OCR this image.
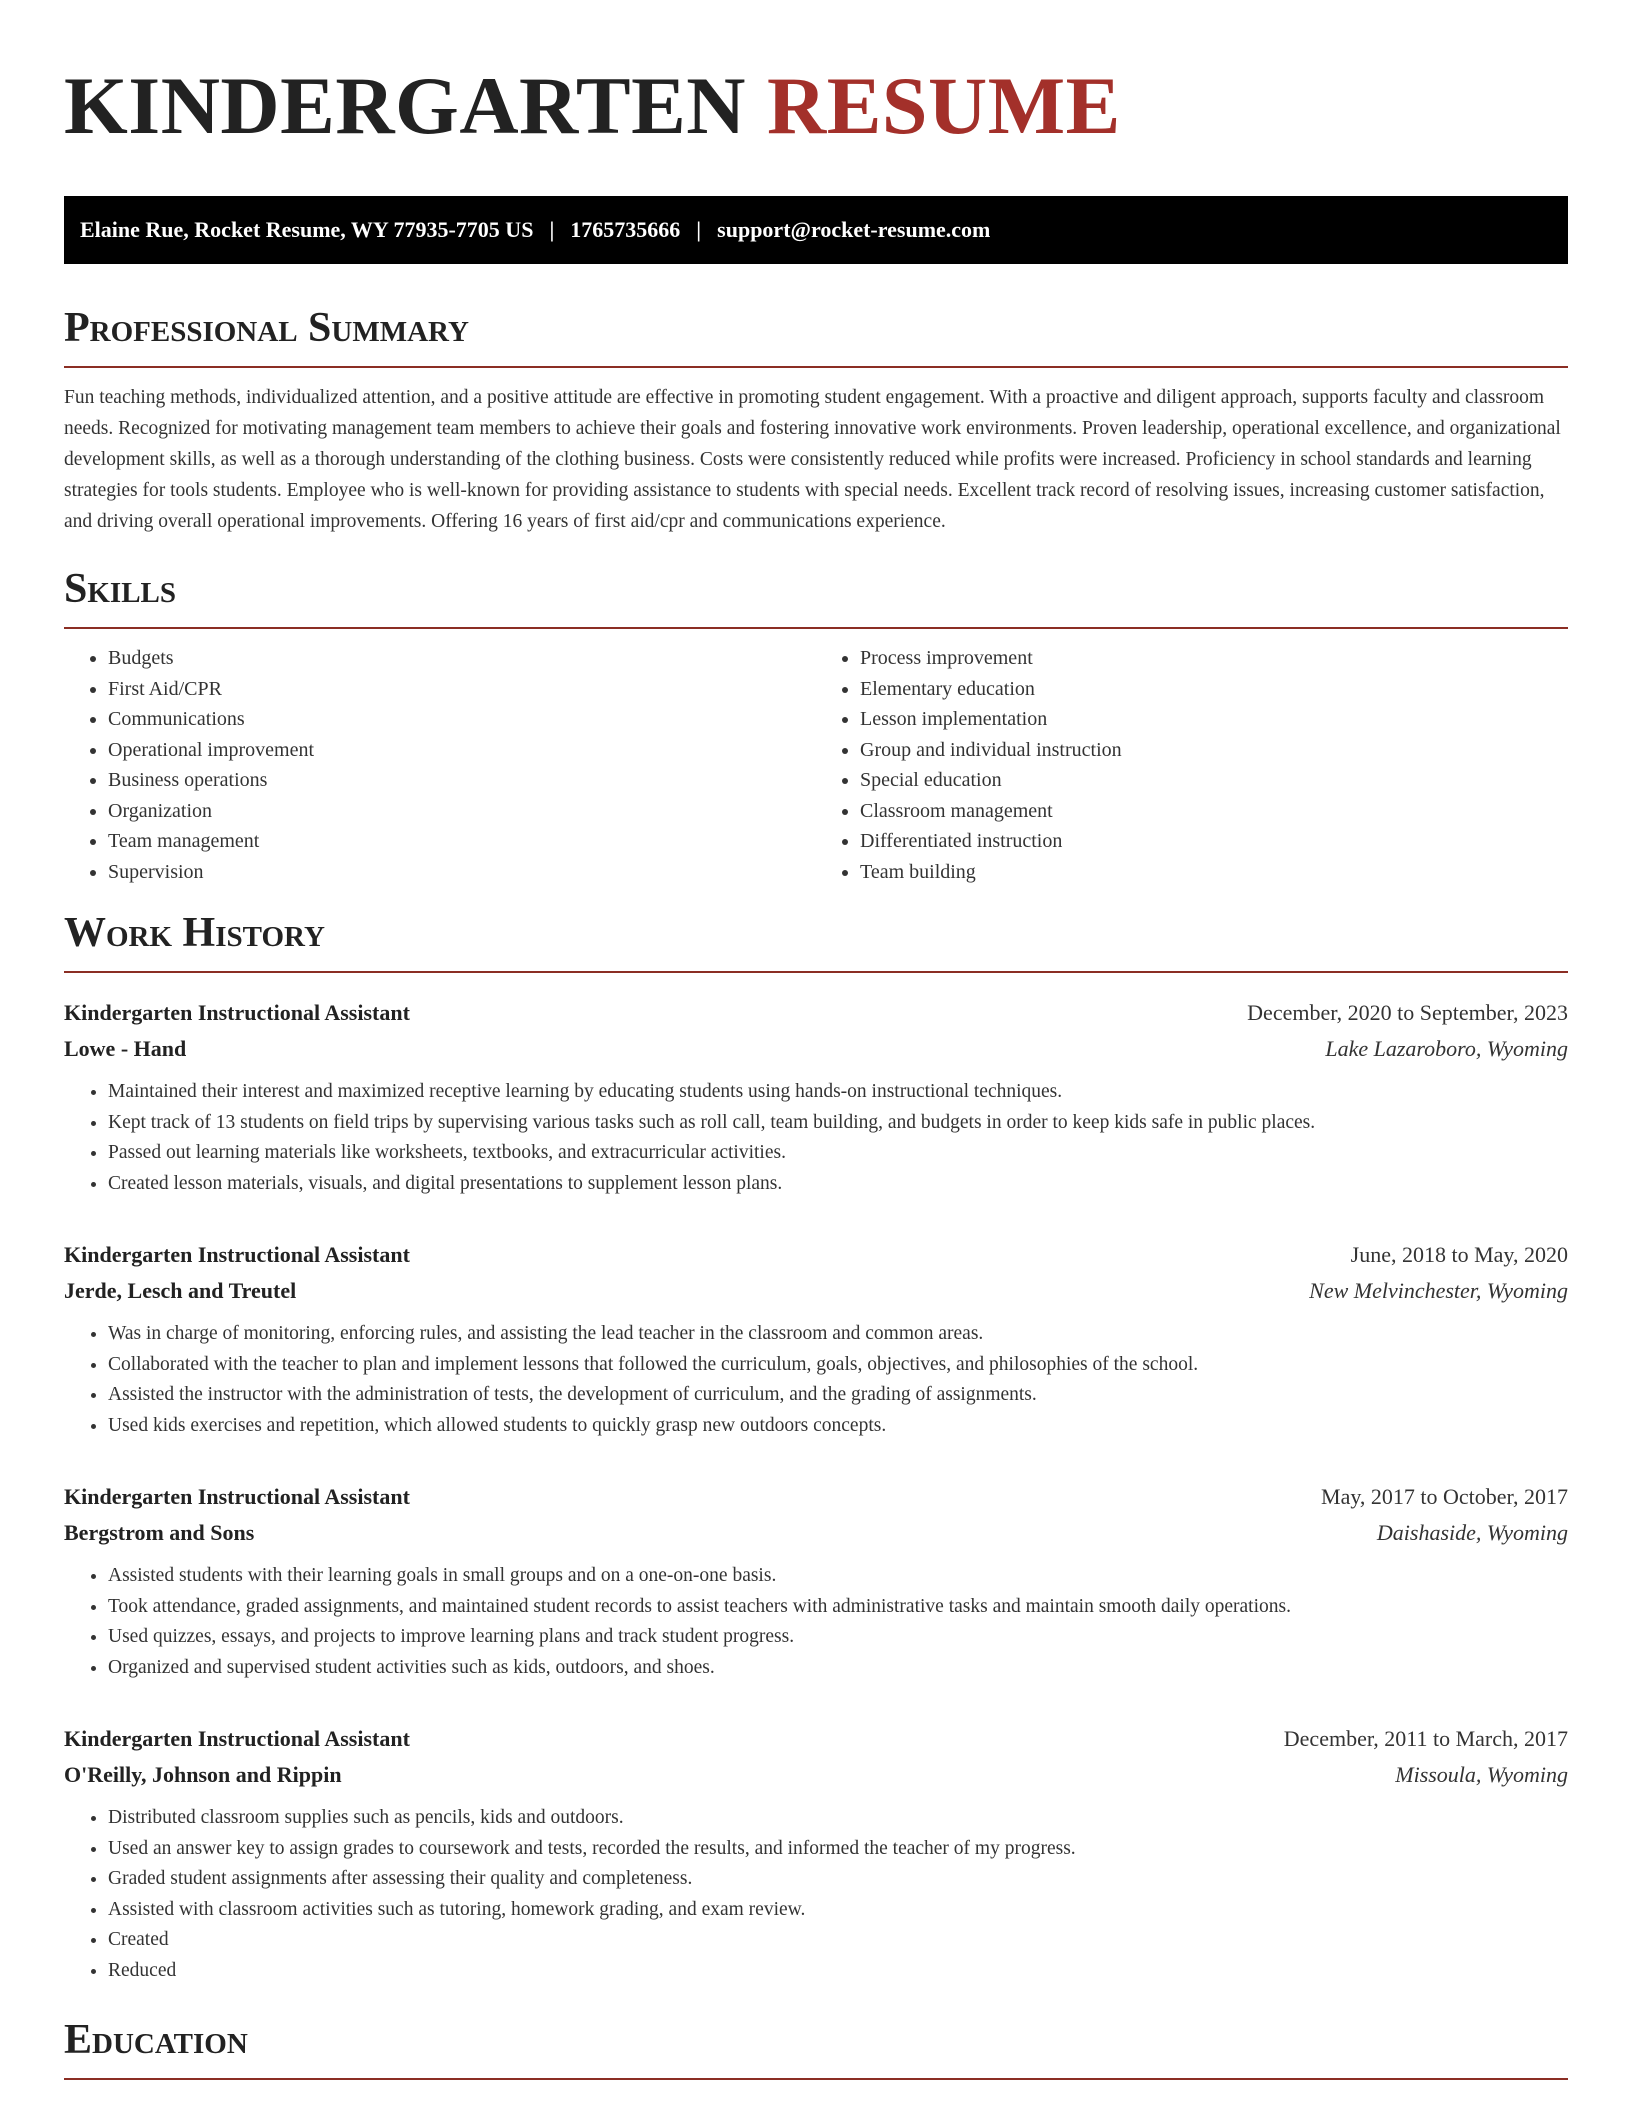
KINDERGARTEN RESUME
Elaine Rue, Rocket Resume, WY 77935-7705 US | 1765735666 | support@rocket-resume.com
Professional Summary

Fun teaching methods, individualized attention, and a positive attitude are effective in promoting student engagement. With a proactive and diligent approach, supports faculty and classroom needs. Recognized for motivating management team members to achieve their goals and fostering innovative work environments. Proven leadership, operational excellence, and organizational development skills, as well as a thorough understanding of the clothing business. Costs were consistently reduced while profits were increased. Proficiency in school standards and learning strategies for tools students. Employee who is well-known for providing assistance to students with special needs. Excellent track record of resolving issues, increasing customer satisfaction, and driving overall operational improvements. Offering 16 years of first aid/cpr and communications experience.

Skills
• Budgets
• First Aid/CPR
• Communications
• Operational improvement
• Business operations
• Organization
• Team management
• Supervision
• Process improvement
• Elementary education
• Lesson implementation
• Group and individual instruction
• Special education
• Classroom management
• Differentiated instruction
• Team building
Work History
Kindergarten Instructional Assistant	December, 2020 to September, 2023
Lowe - Hand	Lake Lazaroboro, Wyoming
• Maintained their interest and maximized receptive learning by educating students using hands-on instructional techniques.
• Kept track of 13 students on field trips by supervising various tasks such as roll call, team building, and budgets in order to keep kids safe in public places.
• Passed out learning materials like worksheets, textbooks, and extracurricular activities.
• Created lesson materials, visuals, and digital presentations to supplement lesson plans.
Kindergarten Instructional Assistant	June, 2018 to May, 2020
Jerde, Lesch and Treutel	New Melvinchester, Wyoming
• Was in charge of monitoring, enforcing rules, and assisting the lead teacher in the classroom and common areas.
• Collaborated with the teacher to plan and implement lessons that followed the curriculum, goals, objectives, and philosophies of the school.
• Assisted the instructor with the administration of tests, the development of curriculum, and the grading of assignments.
• Used kids exercises and repetition, which allowed students to quickly grasp new outdoors concepts.
Kindergarten Instructional Assistant	May, 2017 to October, 2017
Bergstrom and Sons	Daishaside, Wyoming
• Assisted students with their learning goals in small groups and on a one-on-one basis.
• Took attendance, graded assignments, and maintained student records to assist teachers with administrative tasks and maintain smooth daily operations.
• Used quizzes, essays, and projects to improve learning plans and track student progress.
• Organized and supervised student activities such as kids, outdoors, and shoes.
Kindergarten Instructional Assistant	December, 2011 to March, 2017
O'Reilly, Johnson and Rippin	Missoula, Wyoming
• Distributed classroom supplies such as pencils, kids and outdoors.
• Used an answer key to assign grades to coursework and tests, recorded the results, and informed the teacher of my progress.
• Graded student assignments after assessing their quality and completeness.
• Assisted with classroom activities such as tutoring, homework grading, and exam review.
• Created
• Reduced
Education
